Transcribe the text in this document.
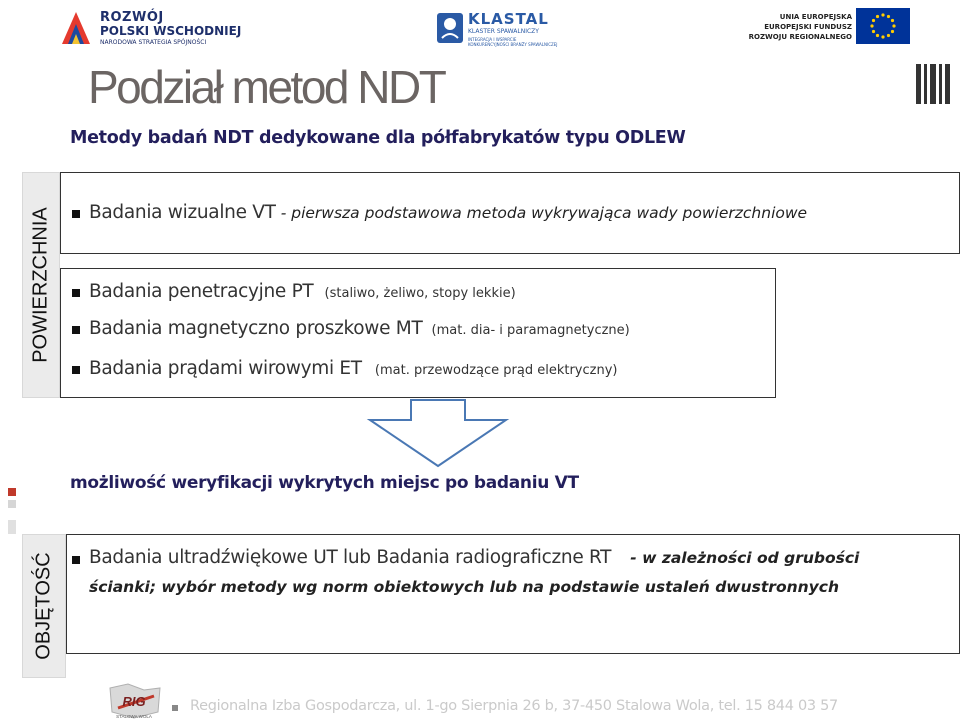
ROZWÓJ
POLSKI WSCHODNIEJ
NARODOWA STRATEGIA SPÓJNOŚCI
KLASTAL
KLASTER SPAWALNICZY
INTEGRACJA I WSPARCIE KONKURENCYJNOŚCI BRANŻY SPAWALNICZEJ
UNIA EUROPEJSKA
EUROPEJSKI FUNDUSZ
ROZWOJU REGIONALNEGO
Podział metod NDT
Metody badań NDT dedykowane dla półfabrykatów typu ODLEW
POWIERZCHNIA Badania wizualne VT - pierwsza podstawowa metoda wykrywająca wady powierzchniowe
Badania penetracyjne PT (staliwo, żeliwo, stopy lekkie)
Badania magnetyczno proszkowe MT (mat. dia- i paramagnetyczne)
Badania prądami wirowymi ET (mat. przewodzące prąd elektryczny)
możliwość weryfikacji wykrytych miejsc po badaniu VT
OBJĘTOŚĆ Badania ultradźwiękowe UT lub Badania radiograficzne RT - w zależności od grubości
ścianki; wybór metody wg norm obiektowych lub na podstawie ustaleń dwustronnych
RIG
STALOWA WOLA
Regionalna Izba Gospodarcza, ul. 1-go Sierpnia 26 b, 37-450 Stalowa Wola, tel. 15 844 03 57
